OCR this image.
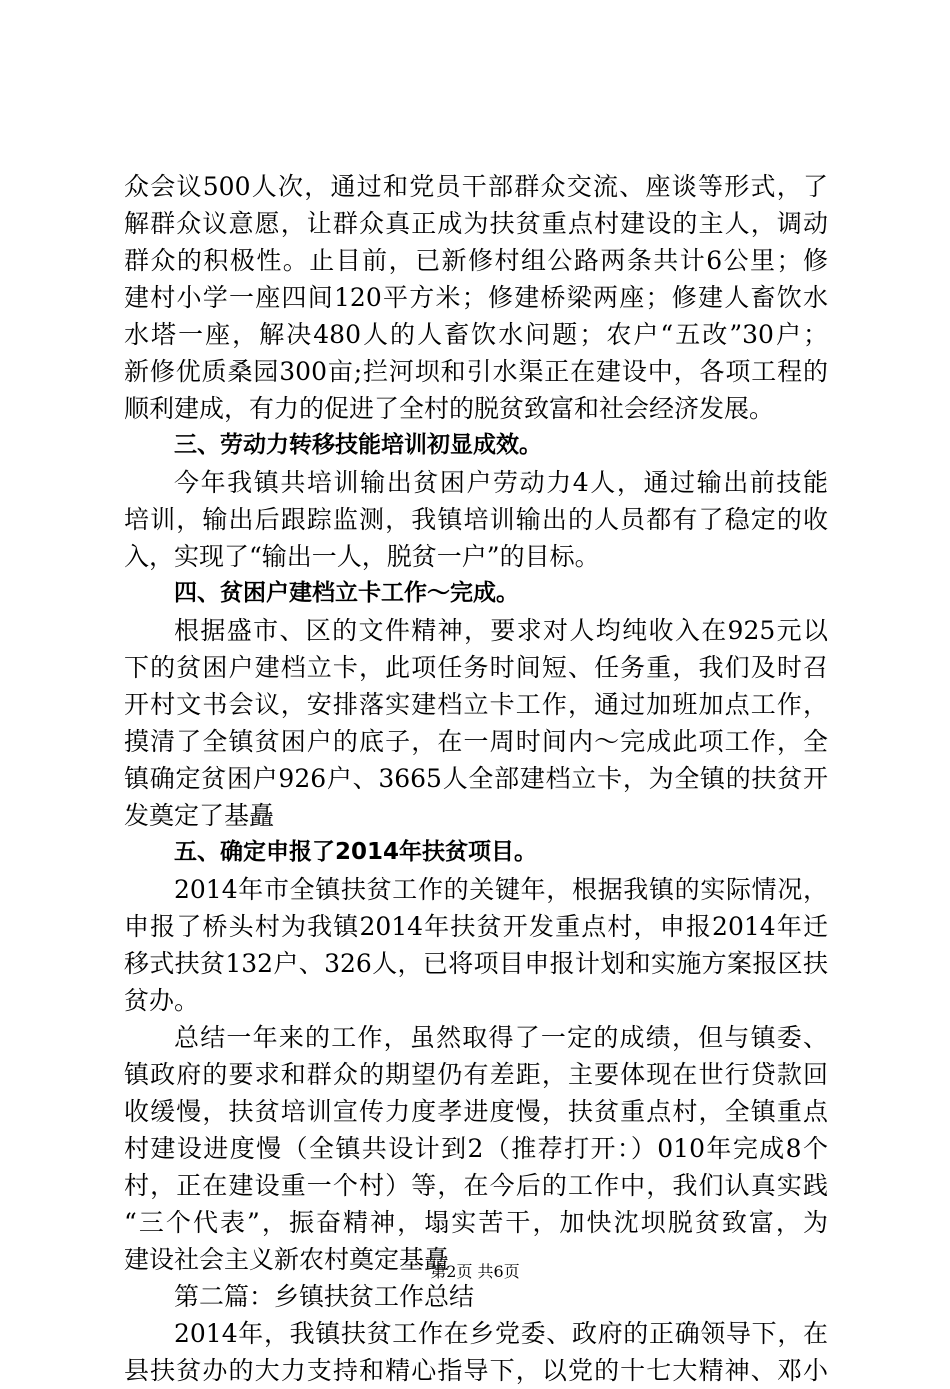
众会议500人次，通过和党员干部群众交流、座谈等形式，了
解群众议意愿，让群众真正成为扶贫重点村建设的主人，调动
群众的积极性。止目前，已新修村组公路两条共计6公里；修
建村小学一座四间120平方米；修建桥梁两座；修建人畜饮水
水塔一座，解决480人的人畜饮水问题；农户“五改”30户；
新修优质桑园300亩;拦河坝和引水渠正在建设中，各项工程的
顺利建成，有力的促进了全村的脱贫致富和社会经济发展。
三、劳动力转移技能培训初显成效。
今年我镇共培训输出贫困户劳动力4人，通过输出前技能
培训，输出后跟踪监测，我镇培训输出的人员都有了稳定的收
入，实现了“输出一人，脱贫一户”的目标。
四、贫困户建档立卡工作～完成。
根据盛市、区的文件精神，要求对人均纯收入在925元以
下的贫困户建档立卡，此项任务时间短、任务重，我们及时召
开村文书会议，安排落实建档立卡工作，通过加班加点工作，
摸清了全镇贫困户的底子，在一周时间内～完成此项工作，全
镇确定贫困户926户、3665人全部建档立卡，为全镇的扶贫开
发奠定了基矗
五、确定申报了2014年扶贫项目。
2014年市全镇扶贫工作的关键年，根据我镇的实际情况，
申报了桥头村为我镇2014年扶贫开发重点村，申报2014年迁
移式扶贫132户、326人，已将项目申报计划和实施方案报区扶
贫办。
总结一年来的工作，虽然取得了一定的成绩，但与镇委、
镇政府的要求和群众的期望仍有差距，主要体现在世行贷款回
收缓慢，扶贫培训宣传力度孝进度慢，扶贫重点村，全镇重点
村建设进度慢（全镇共设计到2（推荐打开：）010年完成8个
村，正在建设重一个村）等，在今后的工作中，我们认真实践
“三个代表”，振奋精神，塌实苦干，加快沈坝脱贫致富，为
建设社会主义新农村奠定基矗
第二篇：乡镇扶贫工作总结
2014年，我镇扶贫工作在乡党委、政府的正确领导下，在
县扶贫办的大力支持和精心指导下，以党的十七大精神、邓小
第2页 共6页
